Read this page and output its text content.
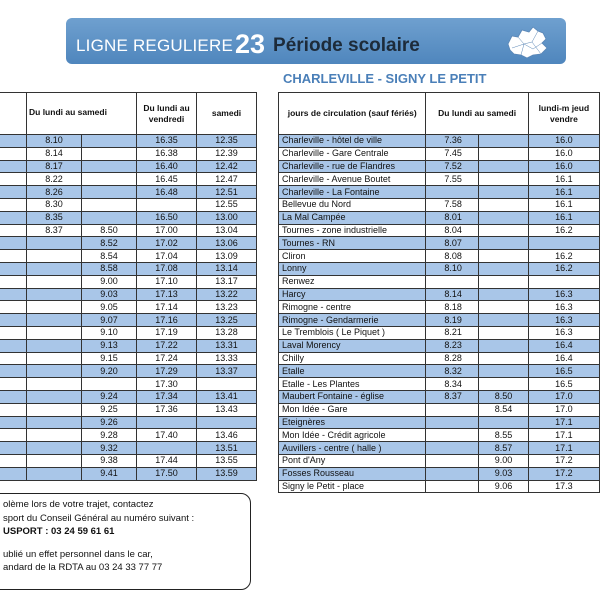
LIGNE REGULIERE23 Période scolaire
CHARLEVILLE - SIGNY LE PETIT
	Du lundi au samedi		Du lundi au vendredi	samedi
	8.10		16.35	12.35
	8.14		16.38	12.39
	8.17		16.40	12.42
	8.22		16.45	12.47
	8.26		16.48	12.51
	8.30			12.55
	8.35		16.50	13.00
	8.37	8.50	17.00	13.04
		8.52	17.02	13.06
		8.54	17.04	13.09
		8.58	17.08	13.14
		9.00	17.10	13.17
		9.03	17.13	13.22
		9.05	17.14	13.23
		9.07	17.16	13.25
		9.10	17.19	13.28
		9.13	17.22	13.31
		9.15	17.24	13.33
		9.20	17.29	13.37
			17.30	
		9.24	17.34	13.41
		9.25	17.36	13.43
		9.26		
		9.28	17.40	13.46
		9.32		13.51
		9.38	17.44	13.55
		9.41	17.50	13.59
jours de circulation (sauf fériés)	Du lundi au samedi		lundi-m jeud vendre
Charleville - hôtel de ville	7.36		16.0
Charleville - Gare Centrale	7.45		16.0
Charleville - rue de Flandres	7.52		16.0
Charleville - Avenue Boutet	7.55		16.1
Charleville - La Fontaine			16.1
Bellevue du Nord	7.58		16.1
La Mal Campée	8.01		16.1
Tournes - zone industrielle	8.04		16.2
Tournes - RN	8.07		
Cliron	8.08		16.2
Lonny	8.10		16.2
Renwez			
Harcy	8.14		16.3
Rimogne - centre	8.18		16.3
Rimogne - Gendarmerie	8.19		16.3
Le Tremblois ( Le Piquet )	8.21		16.3
Laval Morency	8.23		16.4
Chilly	8.28		16.4
Etalle	8.32		16.5
Etalle - Les Plantes	8.34		16.5
Maubert Fontaine - église	8.37	8.50	17.0
Mon Idée - Gare		8.54	17.0
Eteignères			17.1
Mon Idée - Crédit agricole		8.55	17.1
Auvillers - centre ( halle )		8.57	17.1
Pont d'Any		9.00	17.2
Fosses Rousseau		9.03	17.2
Signy le Petit - place		9.06	17.3

olème lors de votre trajet, contactez

sport du Conseil Général au numéro suivant :

USPORT : 03 24 59 61 61

ublié un effet personnel dans le car,

andard de la RDTA au 03 24 33 77 77
